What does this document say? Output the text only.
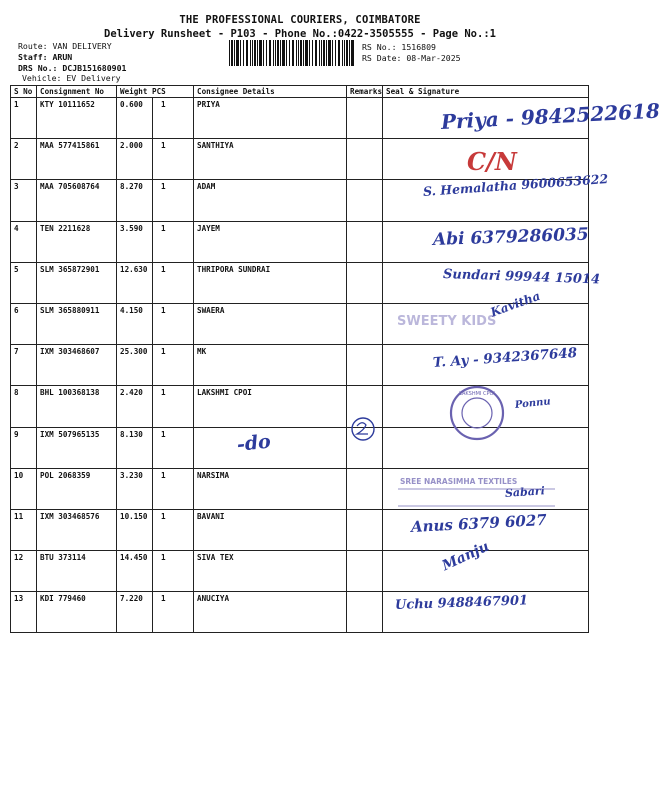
THE PROFESSIONAL COURIERS, COIMBATORE
Delivery Runsheet - P103 - Phone No.:0422-3505555 - Page No.:1
Route: VAN DELIVERY
Staff: ARUN
DRS No.: DCJB151680901
Vehicle: EV Delivery
RS No.: 1516809
RS Date: 08-Mar-2025
S No	Consignment No	Weight PCS		Consignee Details	Remarks	Seal & Signature
1	KTY 10111652	0.600	1	PRIYA		Priya - 9842522618

2	MAA 577415861	2.000	1	SANTHIYA		C/N

3	MAA 705608764	8.270	1	ADAM		S. Hemalatha 9600653622

4	TEN 2211628	3.590	1	JAYEM		Abi 6379286035

5	SLM 365872901	12.630	1	THRIPORA SUNDRAI		Sundari 99944 15014

6	SLM 365880911	4.150	1	SWAERA		Kavitha

7	IXM 303468607	25.300	1	MK		T. Ay - 9342367648

8	BHL 100368138	2.420	1	LAKSHMI CPOI		Ponnu

9	IXM 507965135	8.130	1			-do

10	POL 2068359	3.230	1	NARSIMA		Sabari

11	IXM 303468576	10.150	1	BAVANI		Anus 6379 6027

12	BTU 373114	14.450	1	SIVA TEX		Manju

13	KDI 779460	7.220	1	ANUCIYA		Uchu 9488467901
SWEETY KIDS
LAKSHMI CPOI
SREE NARASIMHA TEXTILES
